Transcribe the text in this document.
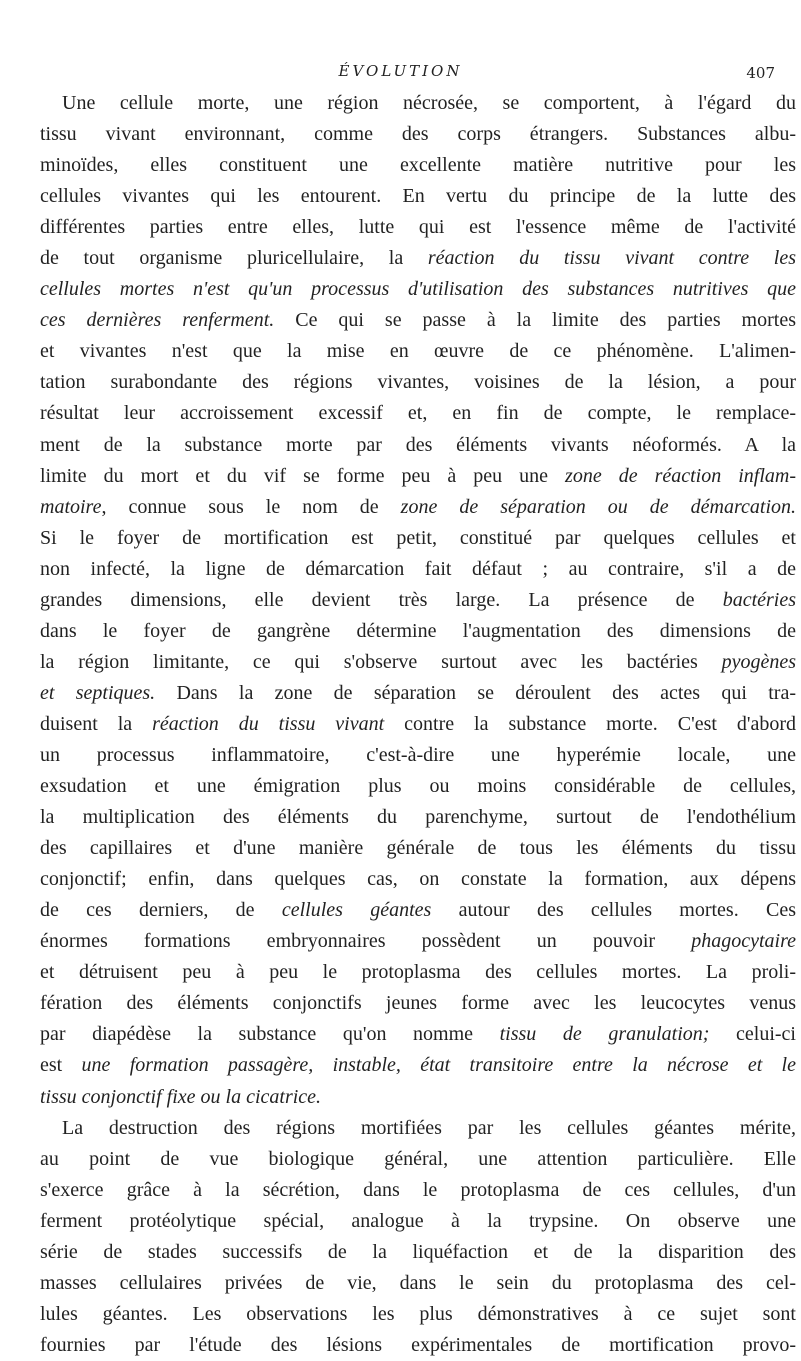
ÉVOLUTION	407
Une cellule morte, une région nécrosée, se comportent, à l'égard du
tissu vivant environnant, comme des corps étrangers. Substances albu-
minoïdes, elles constituent une excellente matière nutritive pour les
cellules vivantes qui les entourent. En vertu du principe de la lutte des
différentes parties entre elles, lutte qui est l'essence même de l'activité
de tout organisme pluricellulaire, la réaction du tissu vivant contre les
cellules mortes n'est qu'un processus d'utilisation des substances nutritives que
ces dernières renferment. Ce qui se passe à la limite des parties mortes
et vivantes n'est que la mise en œuvre de ce phénomène. L'alimen-
tation surabondante des régions vivantes, voisines de la lésion, a pour
résultat leur accroissement excessif et, en fin de compte, le remplace-
ment de la substance morte par des éléments vivants néoformés. A la
limite du mort et du vif se forme peu à peu une zone de réaction inflam-
matoire, connue sous le nom de zone de séparation ou de démarcation.
Si le foyer de mortification est petit, constitué par quelques cellules et
non infecté, la ligne de démarcation fait défaut ; au contraire, s'il a de
grandes dimensions, elle devient très large. La présence de bactéries
dans le foyer de gangrène détermine l'augmentation des dimensions de
la région limitante, ce qui s'observe surtout avec les bactéries pyogènes
et septiques. Dans la zone de séparation se déroulent des actes qui tra-
duisent la réaction du tissu vivant contre la substance morte. C'est d'abord
un processus inflammatoire, c'est-à-dire une hyperémie locale, une
exsudation et une émigration plus ou moins considérable de cellules,
la multiplication des éléments du parenchyme, surtout de l'endothélium
des capillaires et d'une manière générale de tous les éléments du tissu
conjonctif; enfin, dans quelques cas, on constate la formation, aux dépens
de ces derniers, de cellules géantes autour des cellules mortes. Ces
énormes formations embryonnaires possèdent un pouvoir phagocytaire
et détruisent peu à peu le protoplasma des cellules mortes. La proli-
fération des éléments conjonctifs jeunes forme avec les leucocytes venus
par diapédèse la substance qu'on nomme tissu de granulation; celui-ci
est une formation passagère, instable, état transitoire entre la nécrose et le
tissu conjonctif fixe ou la cicatrice.
La destruction des régions mortifiées par les cellules géantes mérite,
au point de vue biologique général, une attention particulière. Elle
s'exerce grâce à la sécrétion, dans le protoplasma de ces cellules, d'un
ferment protéolytique spécial, analogue à la trypsine. On observe une
série de stades successifs de la liquéfaction et de la disparition des
masses cellulaires privées de vie, dans le sein du protoplasma des cel-
lules géantes. Les observations les plus démonstratives à ce sujet sont
fournies par l'étude des lésions expérimentales de mortification provo-
